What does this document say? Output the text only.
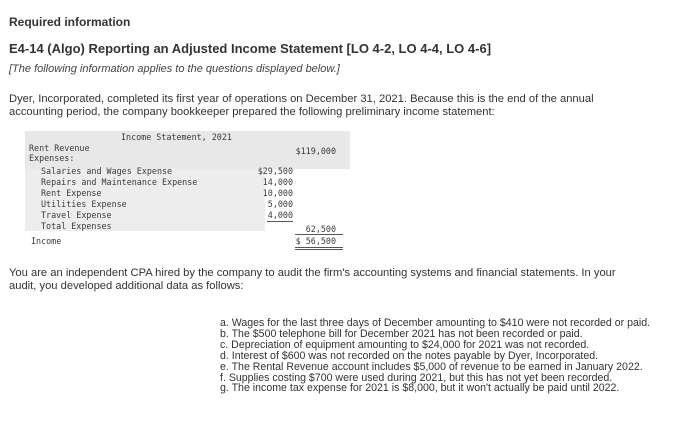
Required information
E4-14 (Algo) Reporting an Adjusted Income Statement [LO 4-2, LO 4-4, LO 4-6]
[The following information applies to the questions displayed below.]
Dyer, Incorporated, completed its first year of operations on December 31, 2021. Because this is the end of the annual
accounting period, the company bookkeeper prepared the following preliminary income statement:
Income Statement, 2021
Rent Revenue	$119,000
Expenses:
Salaries and Wages Expense	$29,500
Repairs and Maintenance Expense	14,000
Rent Expense	10,000
Utilities Expense	5,000
Travel Expense	4,000
Total Expenses	62,500
Income	$ 56,500
You are an independent CPA hired by the company to audit the firm's accounting systems and financial statements. In your
audit, you developed additional data as follows:
a. Wages for the last three days of December amounting to $410 were not recorded or paid.
b. The $500 telephone bill for December 2021 has not been recorded or paid.
c. Depreciation of equipment amounting to $24,000 for 2021 was not recorded.
d. Interest of $600 was not recorded on the notes payable by Dyer, Incorporated.
e. The Rental Revenue account includes $5,000 of revenue to be earned in January 2022.
f. Supplies costing $700 were used during 2021, but this has not yet been recorded.
g. The income tax expense for 2021 is $8,000, but it won't actually be paid until 2022.
